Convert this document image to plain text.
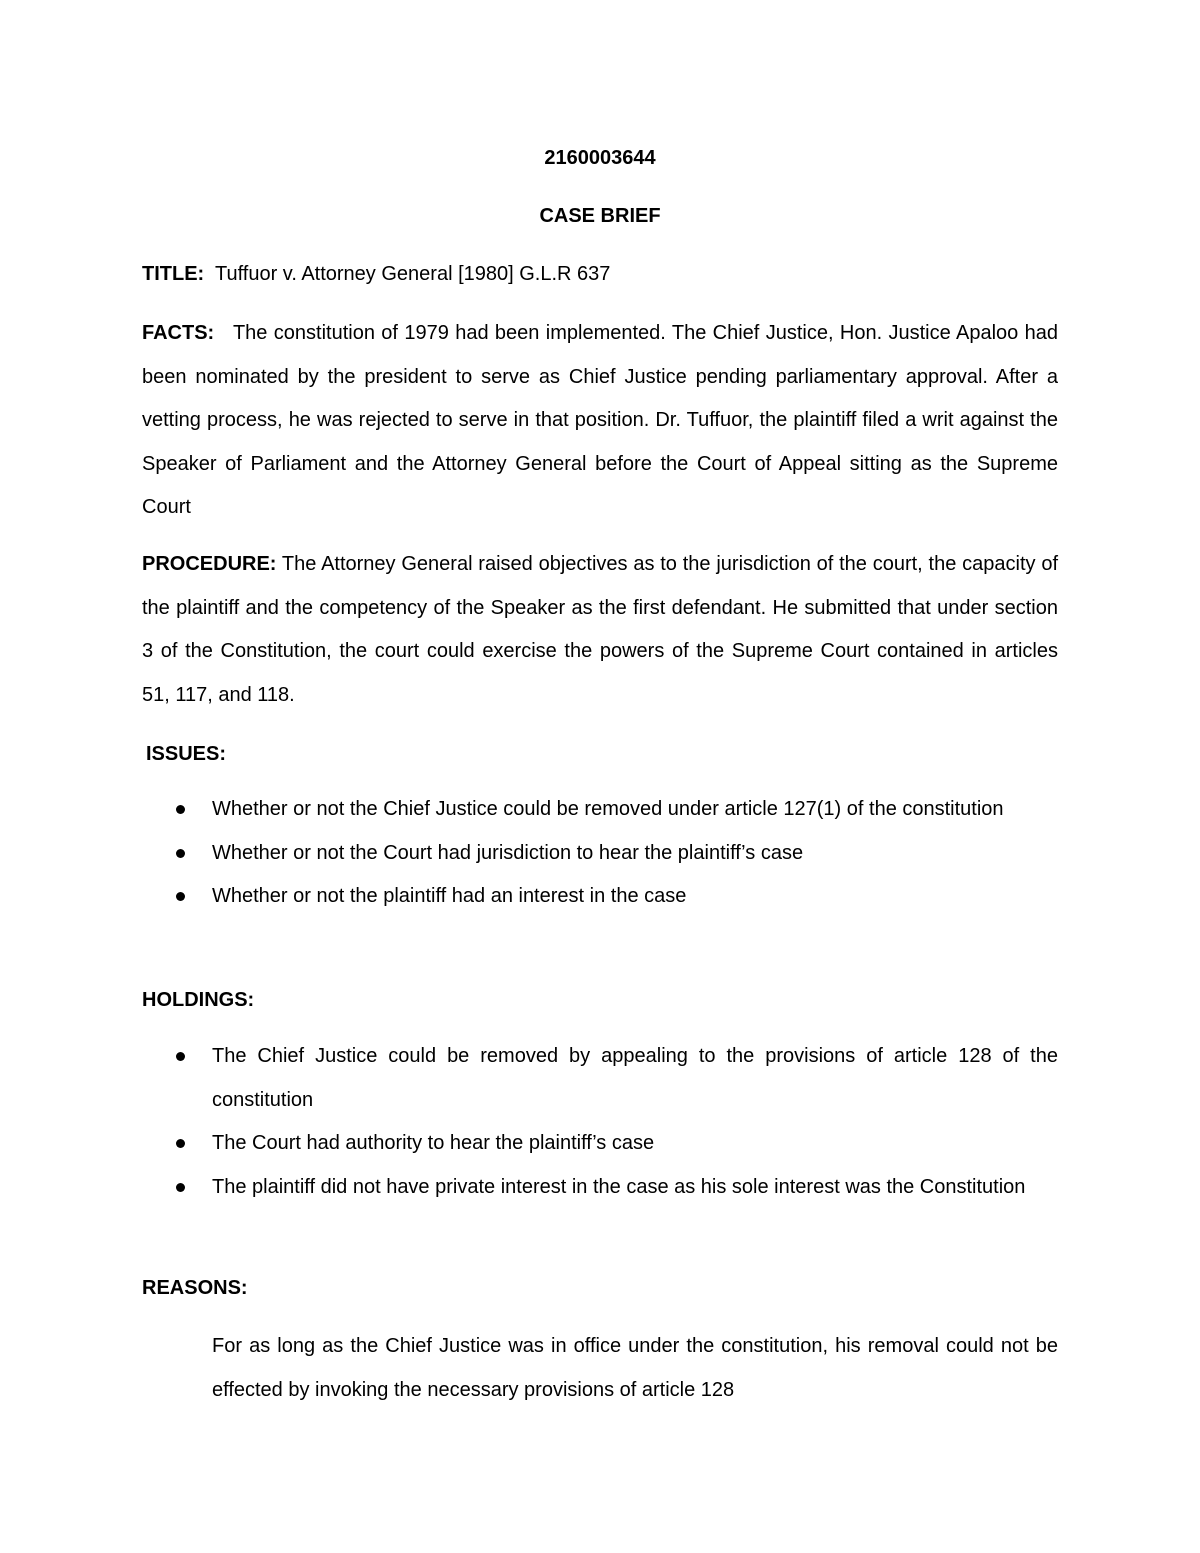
2160003644
CASE BRIEF
TITLE: Tuffuor v. Attorney General [1980] G.L.R 637
FACTS: The constitution of 1979 had been implemented. The Chief Justice, Hon. Justice Apaloo had been nominated by the president to serve as Chief Justice pending parliamentary approval. After a vetting process, he was rejected to serve in that position. Dr. Tuffuor, the plaintiff filed a writ against the Speaker of Parliament and the Attorney General before the Court of Appeal sitting as the Supreme Court
PROCEDURE: The Attorney General raised objectives as to the jurisdiction of the court, the capacity of the plaintiff and the competency of the Speaker as the first defendant. He submitted that under section 3 of the Constitution, the court could exercise the powers of the Supreme Court contained in articles 51, 117, and 118.
ISSUES:
Whether or not the Chief Justice could be removed under article 127(1) of the constitution
Whether or not the Court had jurisdiction to hear the plaintiff’s case
Whether or not the plaintiff had an interest in the case
HOLDINGS:
The Chief Justice could be removed by appealing to the provisions of article 128 of the constitution
The Court had authority to hear the plaintiff’s case
The plaintiff did not have private interest in the case as his sole interest was the Constitution
REASONS:
For as long as the Chief Justice was in office under the constitution, his removal could not be effected by invoking the necessary provisions of article 128
